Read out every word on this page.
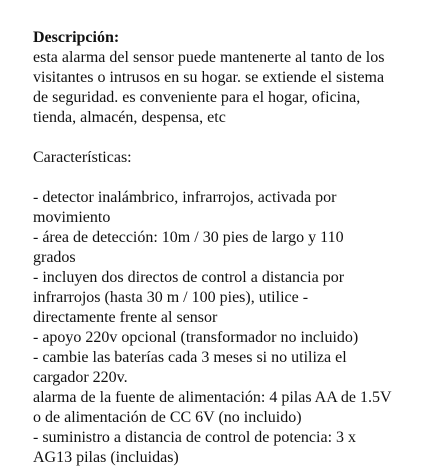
Descripción:
esta alarma del sensor puede mantenerte al tanto de los
visitantes o intrusos en su hogar. se extiende el sistema
de seguridad. es conveniente para el hogar, oficina,
tienda, almacén, despensa, etc
Características:
- detector inalámbrico, infrarrojos, activada por
movimiento
- área de detección: 10m / 30 pies de largo y 110
grados
- incluyen dos directos de control a distancia por
infrarrojos (hasta 30 m / 100 pies), utilice -
directamente frente al sensor
- apoyo 220v opcional (transformador no incluido)
- cambie las baterías cada 3 meses si no utiliza el
cargador 220v.
alarma de la fuente de alimentación: 4 pilas AA de 1.5V
o de alimentación de CC 6V (no incluido)
- suministro a distancia de control de potencia: 3 x
AG13 pilas (incluidas)
